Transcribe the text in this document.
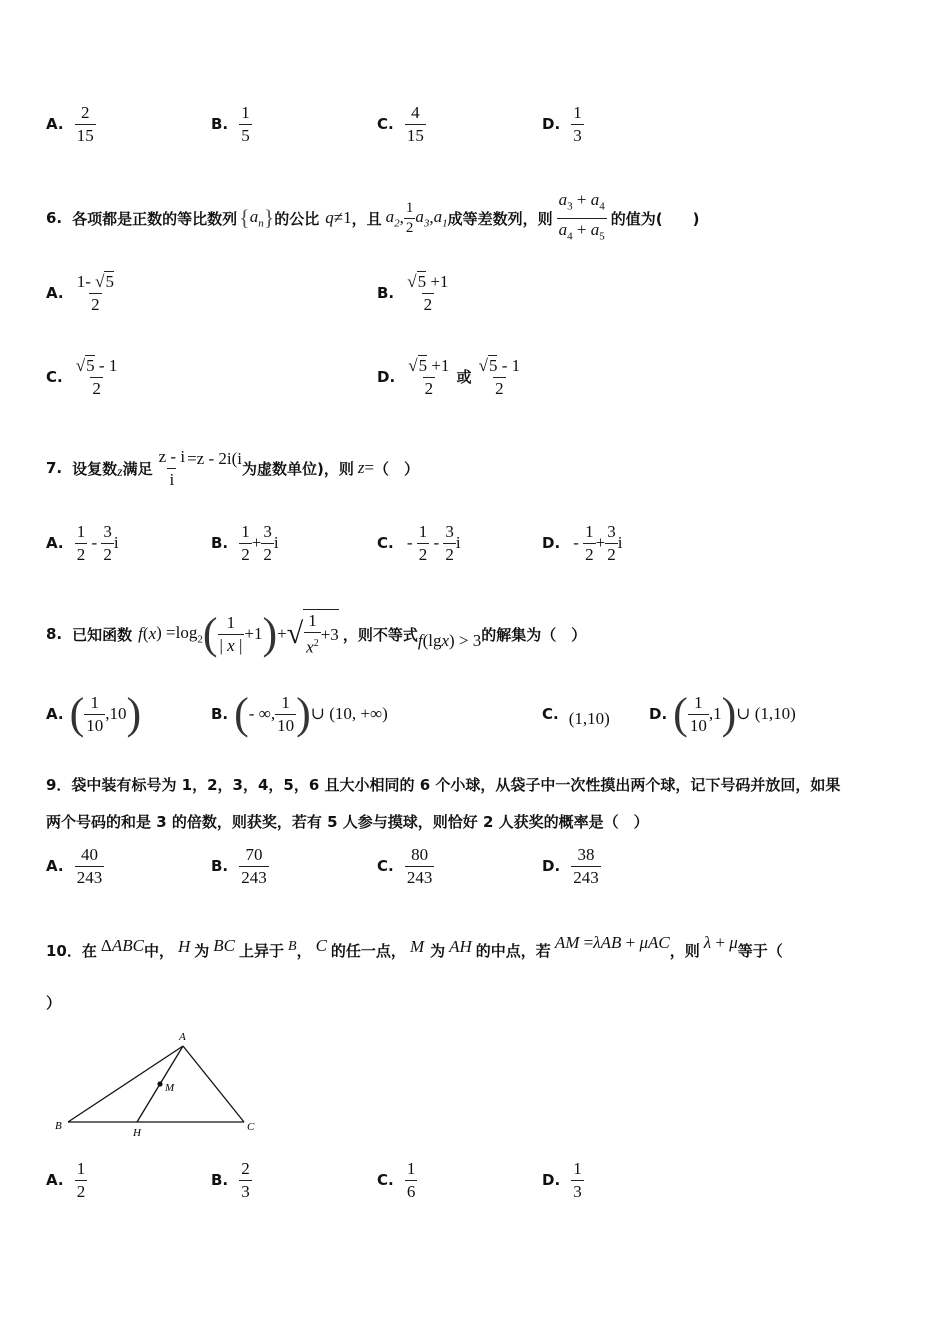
A. $\frac{2}{15}$	B. $\frac{1}{5}$	C. $\frac{4}{15}$	D. $\frac{1}{3}$
6. 各项都是正数的等比数列 { $a_n$ } 的公比 q ≠1 ，且 $a_2$ , $\frac{1}{2} a_3$ , $a_1$ 成等差数列，则 $\frac{a_3 + a_4}{a_4 + a_5}$ 的值为(　　)
A. $\frac{1- √5}{2}$	B. $\frac{√5 +1}{2}$
C. $\frac{√5 - 1}{2}$	D. $\frac{√5 +1}{2}$ 或 $\frac{√5 - 1}{2}$
7. 设复数 z 满足 $\frac{z - i}{i} =z - 2i(i$
为虚数单位)，则 z = （　）
A. $\frac{1}{2} - \frac{3}{2}$ i	B. $\frac{1}{2} + \frac{3}{2}$ i	C. - $\frac{1}{2} - \frac{3}{2}$ i	D. - $\frac{1}{2} + \frac{3}{2}$ i
8. 已知函数 f ( x ) $=\log_2$ ( $\frac{1}{| x |} +1$ ) + √ $\frac{1}{x^2} +3$ ，则不等式 f (lg x ) > 3 的解集为（　）
A. ( $\frac{1}{10} ,10$ )	B. ( - ∞, $\frac{1}{10}$ ) ∪ (10, +∞)	C. (1,10)	D. ( $\frac{1}{10} ,1$ ) ∪ (1,10)
9．袋中装有标号为 1，2，3，4，5，6 且大小相同的 6 个小球，从袋子中一次性摸出两个球，记下号码并放回，如果
两个号码的和是 3 的倍数，则获奖，若有 5 人参与摸球，则恰好 2 人获奖的概率是（　）
A. $\frac{40}{243}$	B. $\frac{70}{243}$	C. $\frac{80}{243}$	D. $\frac{38}{243}$
10． 在 ΔABC 中， H 为 BC 上异于 B ， C 的任一点， M 为 AH 的中点，若 AM =λAB + μAC ，则 λ + μ 等于（
）
A
B	C
H
M
A. $\frac{1}{2}$	B. $\frac{2}{3}$	C. $\frac{1}{6}$	D. $\frac{1}{3}$
